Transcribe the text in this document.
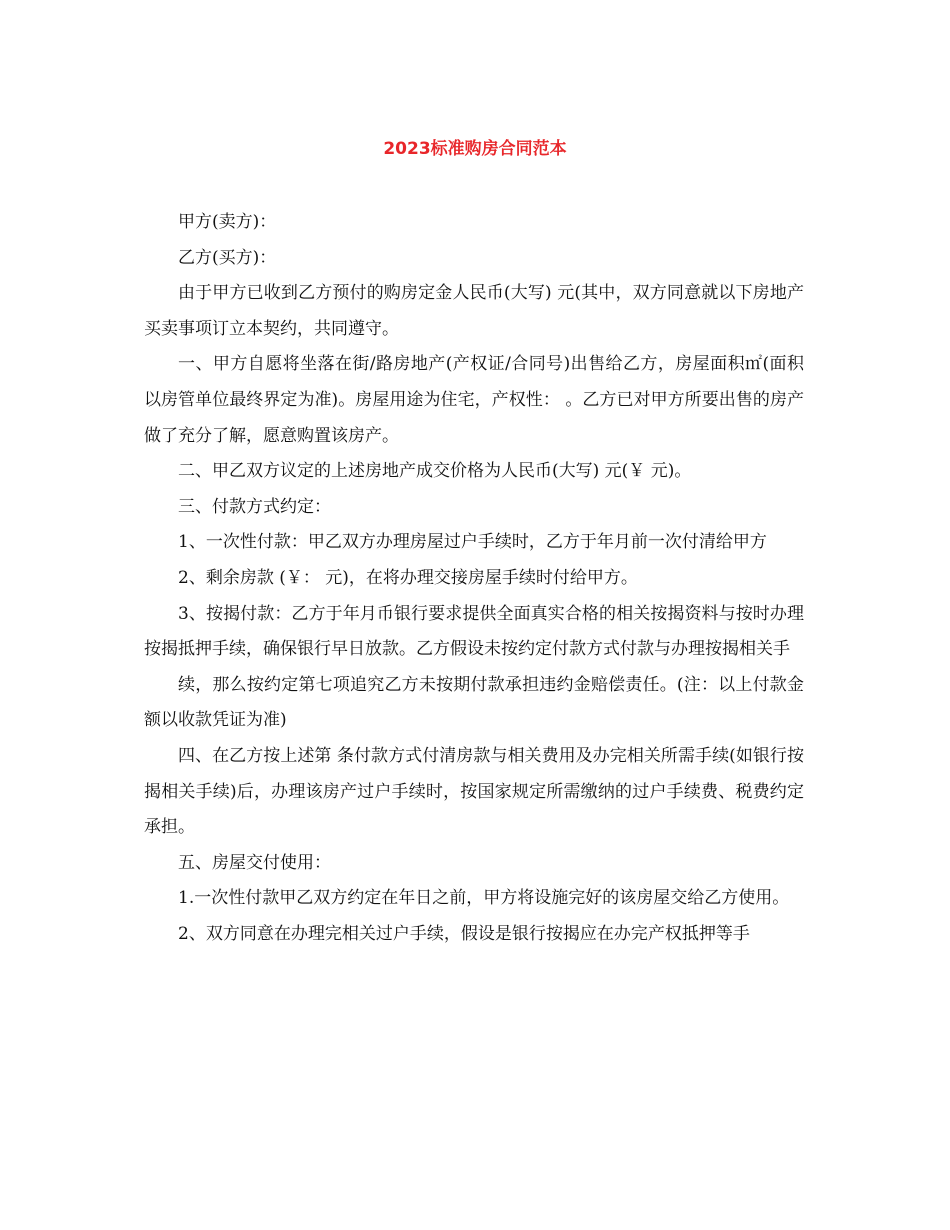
2023标准购房合同范本

甲方(卖方)：

乙方(买方)：

由于甲方已收到乙方预付的购房定金人民币(大写) 元(其中，双方同意就以下房地产买卖事项订立本契约，共同遵守。

一、甲方自愿将坐落在街/路房地产(产权证/合同号)出售给乙方，房屋面积㎡(面积以房管单位最终界定为准)。房屋用途为住宅，产权性： 。乙方已对甲方所要出售的房产做了充分了解，愿意购置该房产。

二、甲乙双方议定的上述房地产成交价格为人民币(大写) 元(￥ 元)。

三、付款方式约定：

1、一次性付款：甲乙双方办理房屋过户手续时，乙方于年月前一次付清给甲方

2、剩余房款 (￥： 元)，在将办理交接房屋手续时付给甲方。

3、按揭付款：乙方于年月币银行要求提供全面真实合格的相关按揭资料与按时办理按揭抵押手续，确保银行早日放款。乙方假设未按约定付款方式付款与办理按揭相关手

续，那么按约定第七项追究乙方未按期付款承担违约金赔偿责任。(注：以上付款金额以收款凭证为准)

四、在乙方按上述第 条付款方式付清房款与相关费用及办完相关所需手续(如银行按揭相关手续)后，办理该房产过户手续时，按国家规定所需缴纳的过户手续费、税费约定 承担。

五、房屋交付使用：

1.一次性付款甲乙双方约定在年日之前，甲方将设施完好的该房屋交给乙方使用。

2、双方同意在办理完相关过户手续，假设是银行按揭应在办完产权抵押等手
